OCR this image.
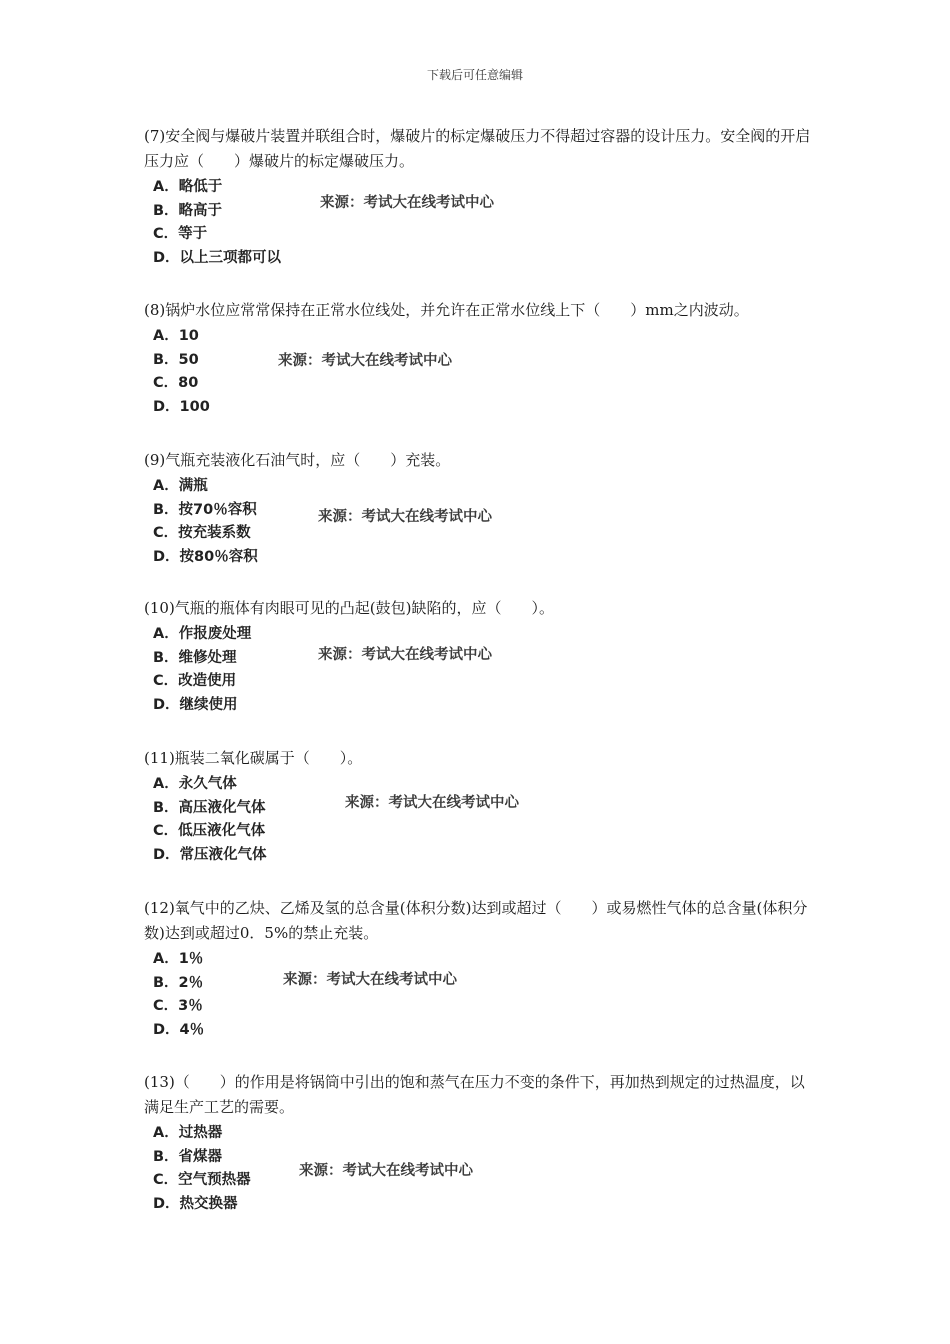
下载后可任意编辑

(7)安全阀与爆破片装置并联组合时，爆破片的标定爆破压力不得超过容器的设计压力。安全阀的开启压力应（　　）爆破片的标定爆破压力。

A．略低于
B．略高于
C．等于
D．以上三项都可以
来源：考试大在线考试中心

(8)锅炉水位应常常保持在正常水位线处，并允许在正常水位线上下（　　）mm之内波动。

A．10
B．50
C．80
D．100
来源：考试大在线考试中心

(9)气瓶充装液化石油气时，应（　　）充装。

A．满瓶
B．按70％容积
C．按充装系数
D．按80％容积
来源：考试大在线考试中心

(10)气瓶的瓶体有肉眼可见的凸起(鼓包)缺陷的，应（　　）。

A．作报废处理
B．维修处理
C．改造使用
D．继续使用
来源：考试大在线考试中心

(11)瓶装二氧化碳属于（　　）。

A．永久气体
B．高压液化气体
C．低压液化气体
D．常压液化气体
来源：考试大在线考试中心

(12)氧气中的乙炔、乙烯及氢的总含量(体积分数)达到或超过（　　）或易燃性气体的总含量(体积分数)达到或超过0．5%的禁止充装。

A．1％
B．2％
C．3％
D．4％
来源：考试大在线考试中心

(13)（　　）的作用是将锅筒中引出的饱和蒸气在压力不变的条件下，再加热到规定的过热温度，以满足生产工艺的需要。

A．过热器
B．省煤器
C．空气预热器
D．热交换器
来源：考试大在线考试中心
